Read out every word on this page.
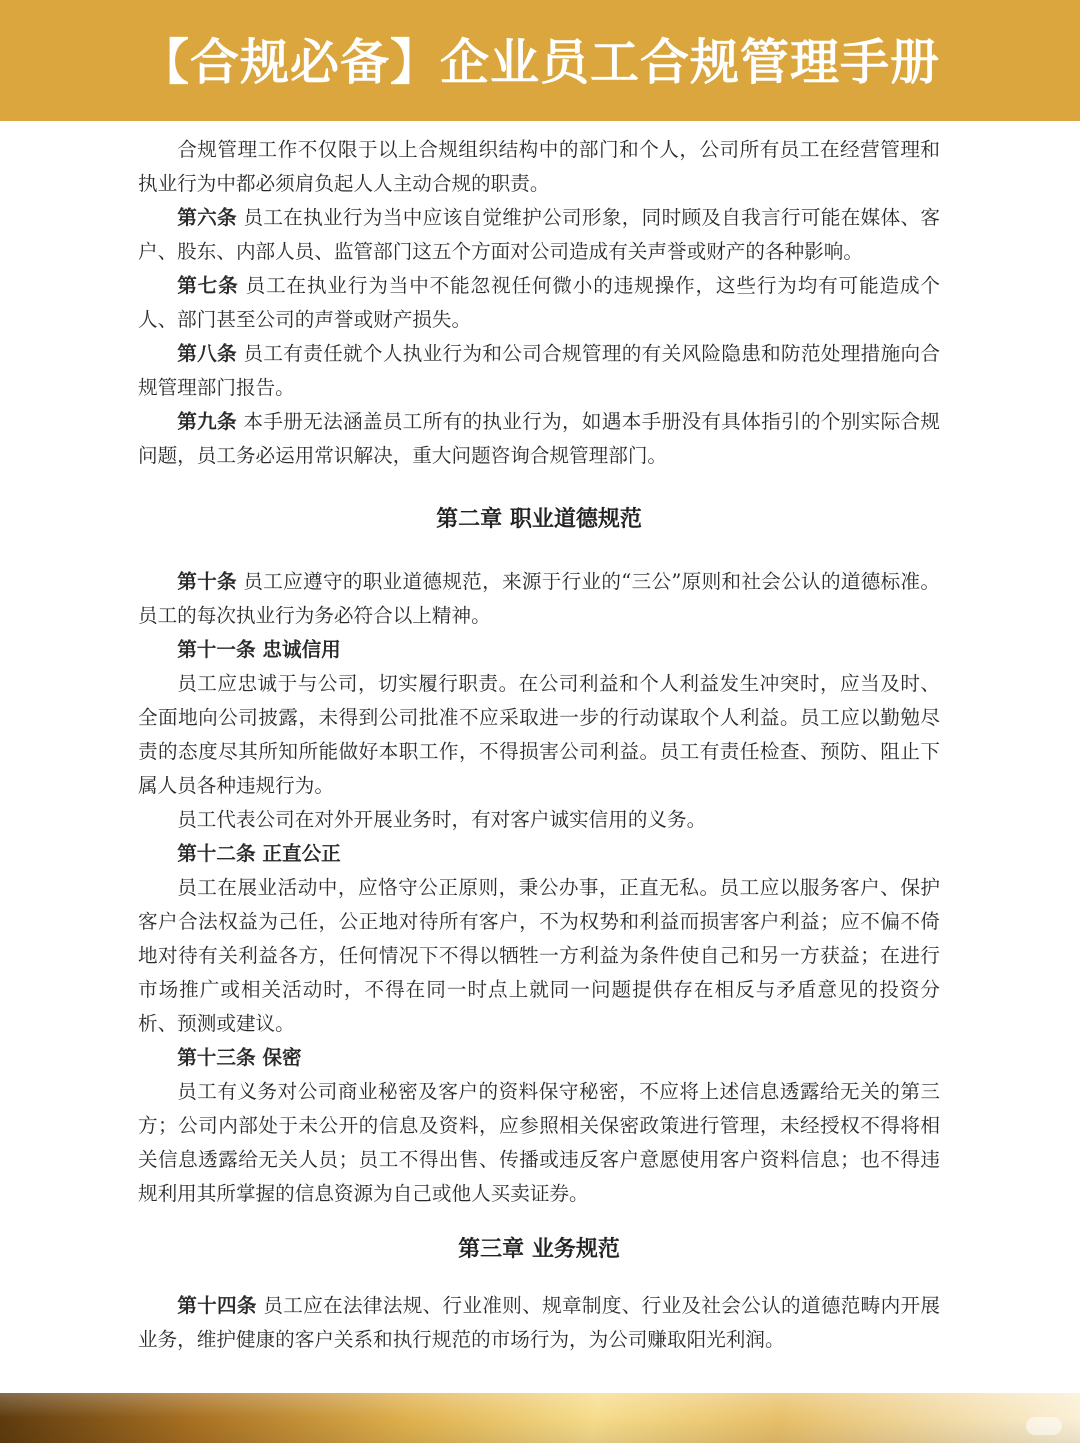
【合规必备】企业员工合规管理手册

合规管理工作不仅限于以上合规组织结构中的部门和个人，公司所有员工在经营管理和执业行为中都必须肩负起人人主动合规的职责。

第六条 员工在执业行为当中应该自觉维护公司形象，同时顾及自我言行可能在媒体、客户、股东、内部人员、监管部门这五个方面对公司造成有关声誉或财产的各种影响。

第七条 员工在执业行为当中不能忽视任何微小的违规操作，这些行为均有可能造成个人、部门甚至公司的声誉或财产损失。

第八条 员工有责任就个人执业行为和公司合规管理的有关风险隐患和防范处理措施向合规管理部门报告。

第九条 本手册无法涵盖员工所有的执业行为，如遇本手册没有具体指引的个别实际合规问题，员工务必运用常识解决，重大问题咨询合规管理部门。

第二章 职业道德规范

第十条 员工应遵守的职业道德规范，来源于行业的“三公”原则和社会公认的道德标准。员工的每次执业行为务必符合以上精神。

第十一条 忠诚信用

员工应忠诚于与公司，切实履行职责。在公司利益和个人利益发生冲突时，应当及时、全面地向公司披露，未得到公司批准不应采取进一步的行动谋取个人利益。员工应以勤勉尽责的态度尽其所知所能做好本职工作，不得损害公司利益。员工有责任检查、预防、阻止下属人员各种违规行为。

员工代表公司在对外开展业务时，有对客户诚实信用的义务。

第十二条 正直公正

员工在展业活动中，应恪守公正原则，秉公办事，正直无私。员工应以服务客户、保护客户合法权益为己任，公正地对待所有客户，不为权势和利益而损害客户利益；应不偏不倚地对待有关利益各方，任何情况下不得以牺牲一方利益为条件使自己和另一方获益；在进行市场推广或相关活动时，不得在同一时点上就同一问题提供存在相反与矛盾意见的投资分析、预测或建议。

第十三条 保密

员工有义务对公司商业秘密及客户的资料保守秘密，不应将上述信息透露给无关的第三方；公司内部处于未公开的信息及资料，应参照相关保密政策进行管理，未经授权不得将相关信息透露给无关人员；员工不得出售、传播或违反客户意愿使用客户资料信息；也不得违规利用其所掌握的信息资源为自己或他人买卖证券。

第三章 业务规范

第十四条 员工应在法律法规、行业准则、规章制度、行业及社会公认的道德范畴内开展业务，维护健康的客户关系和执行规范的市场行为，为公司赚取阳光利润。
